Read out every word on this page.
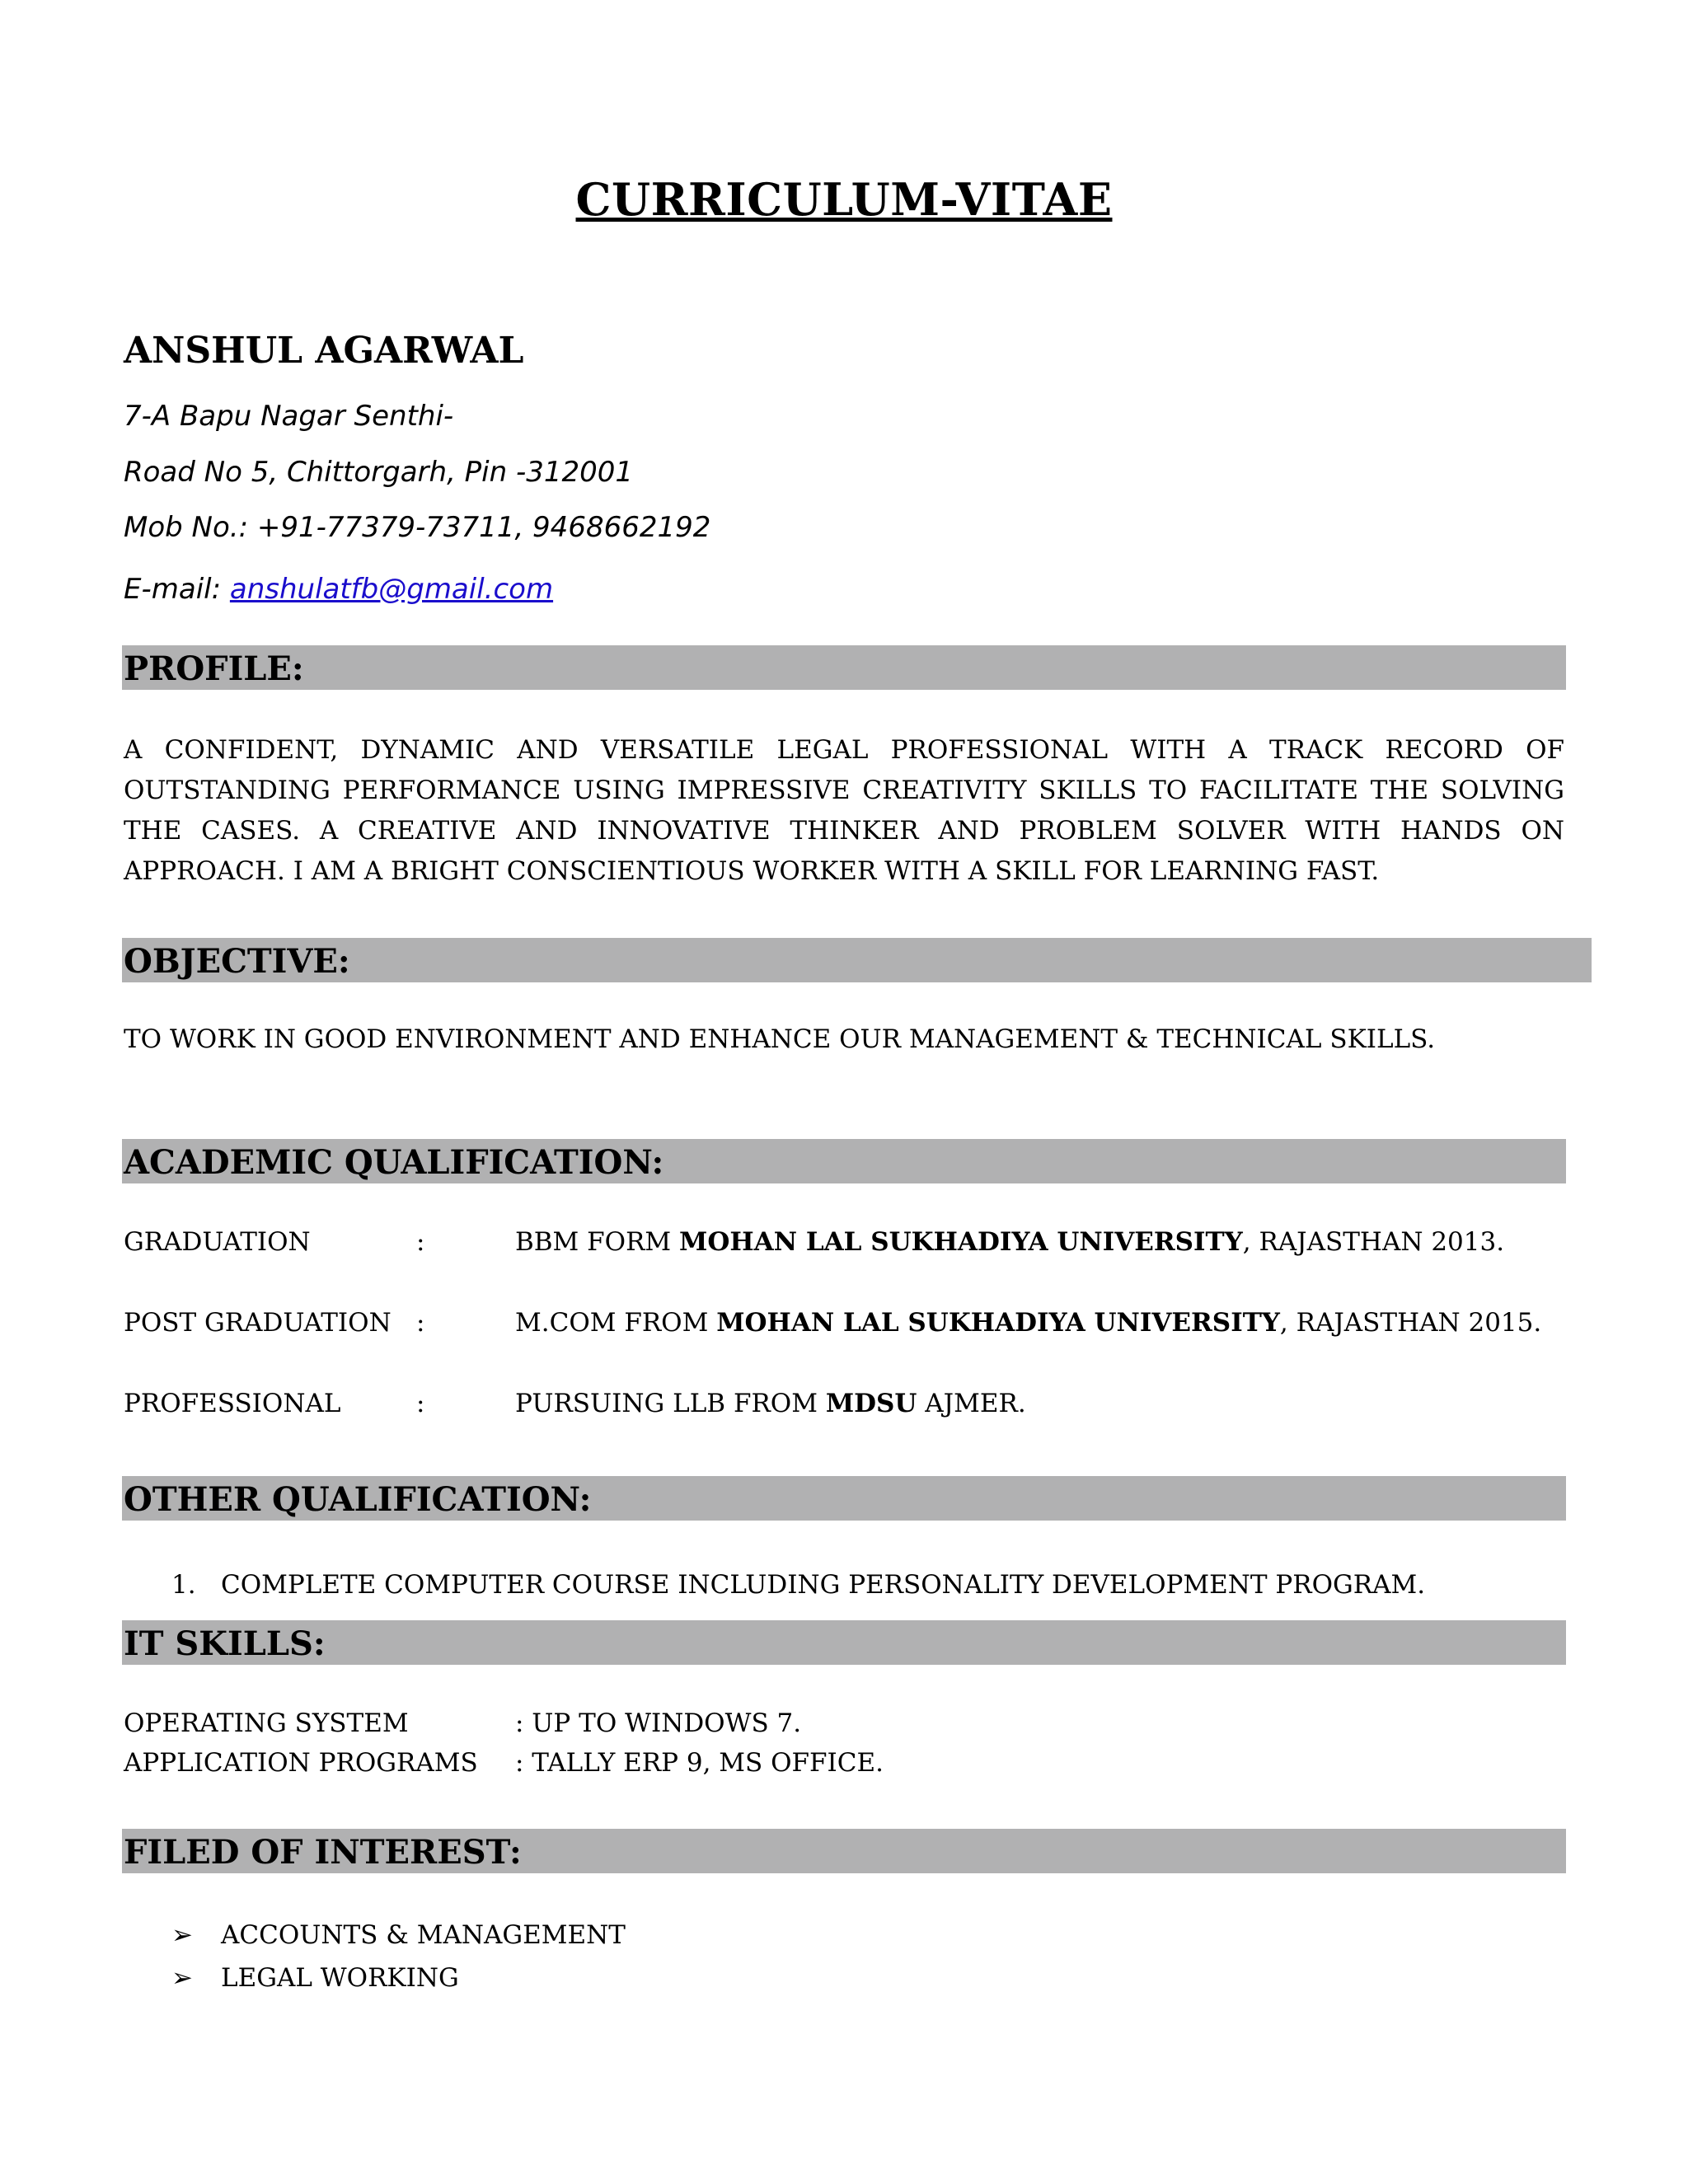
CURRICULUM-VITAE
ANSHUL AGARWAL
7-A Bapu Nagar Senthi-
Road No 5, Chittorgarh, Pin -312001
Mob No.: +91-77379-73711, 9468662192
E-mail: anshulatfb@gmail.com
PROFILE:
A CONFIDENT, DYNAMIC AND VERSATILE LEGAL PROFESSIONAL WITH A TRACK RECORD OF OUTSTANDING PERFORMANCE USING IMPRESSIVE CREATIVITY SKILLS TO FACILITATE THE SOLVING THE CASES. A CREATIVE AND INNOVATIVE THINKER AND PROBLEM SOLVER WITH HANDS ON APPROACH. I AM A BRIGHT CONSCIENTIOUS WORKER WITH A SKILL FOR LEARNING FAST.
OBJECTIVE:
TO WORK IN GOOD ENVIRONMENT AND ENHANCE OUR MANAGEMENT & TECHNICAL SKILLS.
ACADEMIC QUALIFICATION:
GRADUATION	:	BBM FORM MOHAN LAL SUKHADIYA UNIVERSITY, RAJASTHAN 2013.
POST GRADUATION :	M.COM FROM MOHAN LAL SUKHADIYA UNIVERSITY, RAJASTHAN 2015.
PROFESSIONAL	:	PURSUING LLB FROM MDSU AJMER.
OTHER QUALIFICATION:
1. COMPLETE COMPUTER COURSE INCLUDING PERSONALITY DEVELOPMENT PROGRAM.
IT SKILLS:
OPERATING SYSTEM	: UP TO WINDOWS 7.
APPLICATION PROGRAMS : TALLY ERP 9, MS OFFICE.
FILED OF INTEREST:
➢ ACCOUNTS & MANAGEMENT
➢ LEGAL WORKING
